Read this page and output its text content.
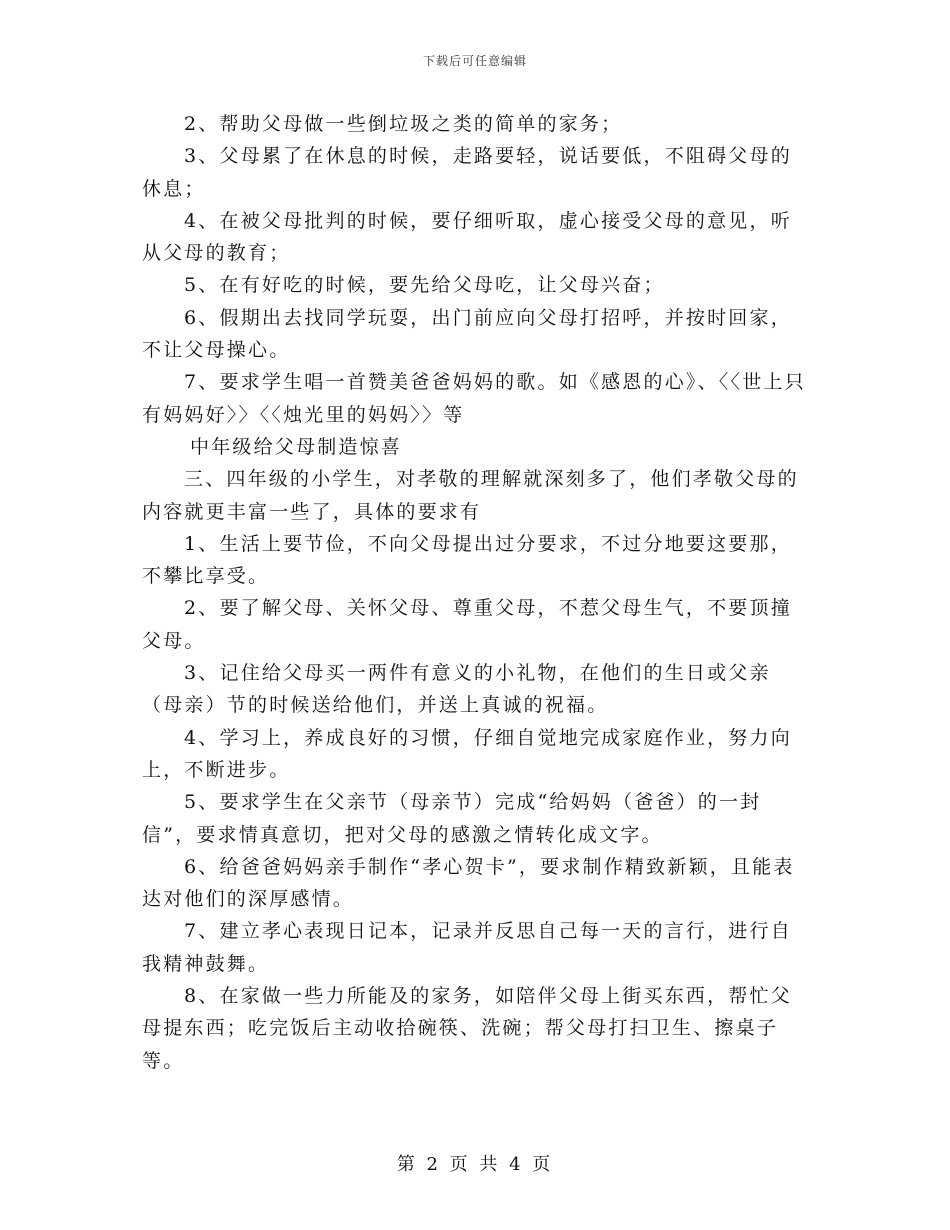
下载后可任意编辑

2、帮助父母做一些倒垃圾之类的简单的家务；

3、父母累了在休息的时候，走路要轻，说话要低，不阻碍父母的休息；

4、在被父母批判的时候，要仔细听取，虚心接受父母的意见，听从父母的教育；

5、在有好吃的时候，要先给父母吃，让父母兴奋；

6、假期出去找同学玩耍，出门前应向父母打招呼，并按时回家，不让父母操心。

7、要求学生唱一首赞美爸爸妈妈的歌。如《感恩的心》、〈〈世上只有妈妈好〉〉〈〈烛光里的妈妈〉〉等

中年级给父母制造惊喜

三、四年级的小学生，对孝敬的理解就深刻多了，他们孝敬父母的内容就更丰富一些了，具体的要求有

1、生活上要节俭，不向父母提出过分要求，不过分地要这要那，不攀比享受。

2、要了解父母、关怀父母、尊重父母，不惹父母生气，不要顶撞父母。

3、记住给父母买一两件有意义的小礼物，在他们的生日或父亲（母亲）节的时候送给他们，并送上真诚的祝福。

4、学习上，养成良好的习惯，仔细自觉地完成家庭作业，努力向上，不断进步。

5、要求学生在父亲节（母亲节）完成“给妈妈（爸爸）的一封信”，要求情真意切，把对父母的感激之情转化成文字。

6、给爸爸妈妈亲手制作“孝心贺卡”，要求制作精致新颖，且能表达对他们的深厚感情。

7、建立孝心表现日记本，记录并反思自己每一天的言行，进行自我精神鼓舞。

8、在家做一些力所能及的家务，如陪伴父母上街买东西，帮忙父母提东西；吃完饭后主动收拾碗筷、洗碗；帮父母打扫卫生、擦桌子等。

第 2 页 共 4 页
